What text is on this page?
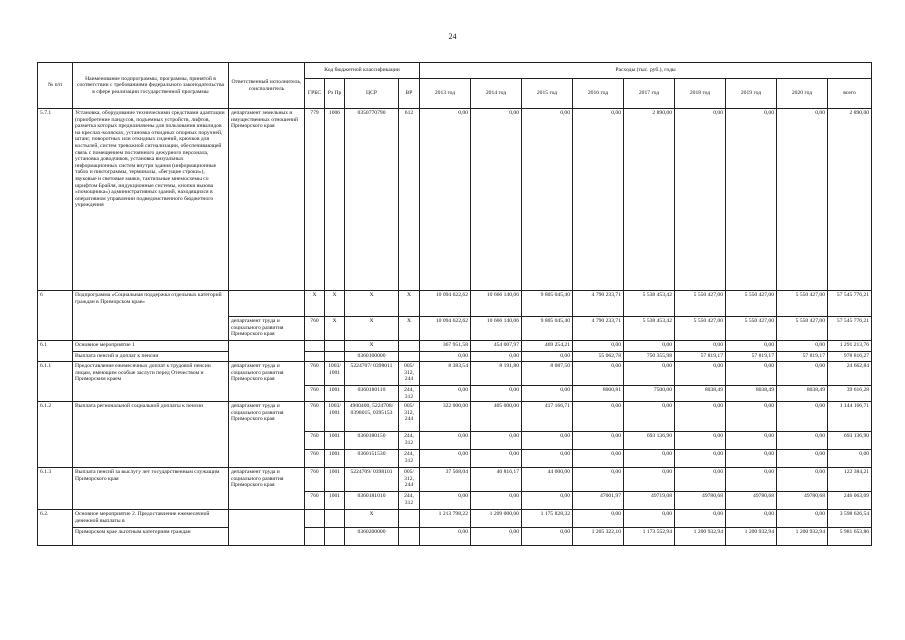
24
№ п/п	Наименование подпрограммы, программы, принятой в соответствии с требованиями федерального законодательства в сфере реализации государственной программы	Ответственный исполнитель, соисполнитель	Код бюджетной классификации				Расходы (тыс. руб.), годы								
			ГРБС	Рз Пр	ЦСР	ВР	2013 год	2014 год	2015 год	2016 год	2017 год	2018 год	2019 год	2020 год	всего
5.7.1	Установка, оборудование техническими средствами адаптации (приобретение пандусов, подъемных устройств, лифтов, разметка которых предназначены для пользования инвалидов на креслах-колясках, установка откидных опорных поручней, штанг, поворотных или откидных сидений, крючков для костылей, систем тревожной сигнализации, обеспечивающей связь с помещением постоянного дежурного персонала, установка доводчиков, установка визуальных информационных систем внутри здания (информационные табло и пиктограммы, терминалы, «бегущие строки»), звуковые и световые маяки, тактильные мнемосхемы со шрифтом Брайля, индукционные системы, кнопки вызова «помощника») административных зданий, находящихся в оперативном управлении подведомственного бюджетного учреждения	департамент земельных и имущественных отношений Приморского края	779	1006	0350770790	612	0,00	0,00	0,00	0,00	2 890,00	0,00	0,00	0,00	2 890,00
6	Подпрограмма «Социальная поддержка отдельных категорий граждан в Приморском крае»		Х	Х	Х	Х	10 094 622,62	10 666 140,06	9 805 045,40	4 790 233,71	5 538 453,42	5 550 427,00	5 550 427,00	5 550 427,00	57 545 776,21
		департамент труда и социального развития Приморского края	760	Х	Х	Х	10 094 622,62	10 666 140,06	9 805 045,40	4 790 233,71	5 538 453,42	5 550 427,00	5 550 427,00	5 550 427,00	57 545 776,21
6.1	Основное мероприятие 1				Х		367 951,58	454 007,97	469 254,21	0,00	0,00	0,00	0,00	0,00	1 291 213,76
	Выплата пенсий и доплат к пенсии				0360100000		0,00	0,00	0,00	55 062,78	750 355,98	57 819,17	57 819,17	57 819,17	978 816,27
6.1.1	Предоставление ежемесячных доплат к трудовой пенсии лицам, имеющим особые заслуги перед Отечеством и Приморским краем	департамент труда и социального развития Приморского края	760	1003/ 1001	5224707/ 0398011	005/ 312, 244	8 383,54	8 191,80	8 087,50	0,00	0,00	0,00	0,00	0,00	24 662,84
			760	1001	0360180110	244, 312	0,00	0,00	0,00	8000,81	7500,00	8038,49	8038,49	8038,49	39 616,28
6.1.2	Выплата региональной социальной доплаты к пенсии	департамент труда и социального развития Приморского края	760	1003/ 1001	4900400, 5224708/ 0398015, 0395153	005/ 312, 244	322 000,00	405 000,00	417 166,71	0,00	0,00	0,00	0,00	0,00	1 144 166,71
			760	1001	0360180150	244, 312	0,00	0,00	0,00	0,00	693 136,90	0,00	0,00	0,00	693 136,90
			760	1001	0360151530	244, 312	0,00	0,00	0,00	0,00	0,00	0,00	0,00	0,00	0,00
6.1.3	Выплата пенсий за выслугу лет государственным служащим Приморского края	департамент труда и социального развития Приморского края	760	1001	5224709/ 0398101	005/ 312, 244	37 568,04	40 816,17	44 000,00	0,00	0,00	0,00	0,00	0,00	122 384,21
			760	1001	0360181010	244, 312	0,00	0,00	0,00	47001,97	49719,08	49780,68	49780,68	49780,68	246 063,09
6.2.	Основное мероприятие 2. Предоставление ежемесячной денежной выплаты в				Х		1 213 798,22	1 209 000,00	1 175 828,32	0,00	0,00	0,00	0,00	0,00	3 598 626,54
	Приморском крае льготным категориям граждан				0360200000		0,00	0,00	0,00	1 205 322,10	1 173 552,94	1 200 932,94	1 200 932,94	1 200 932,94	5 981 653,86
